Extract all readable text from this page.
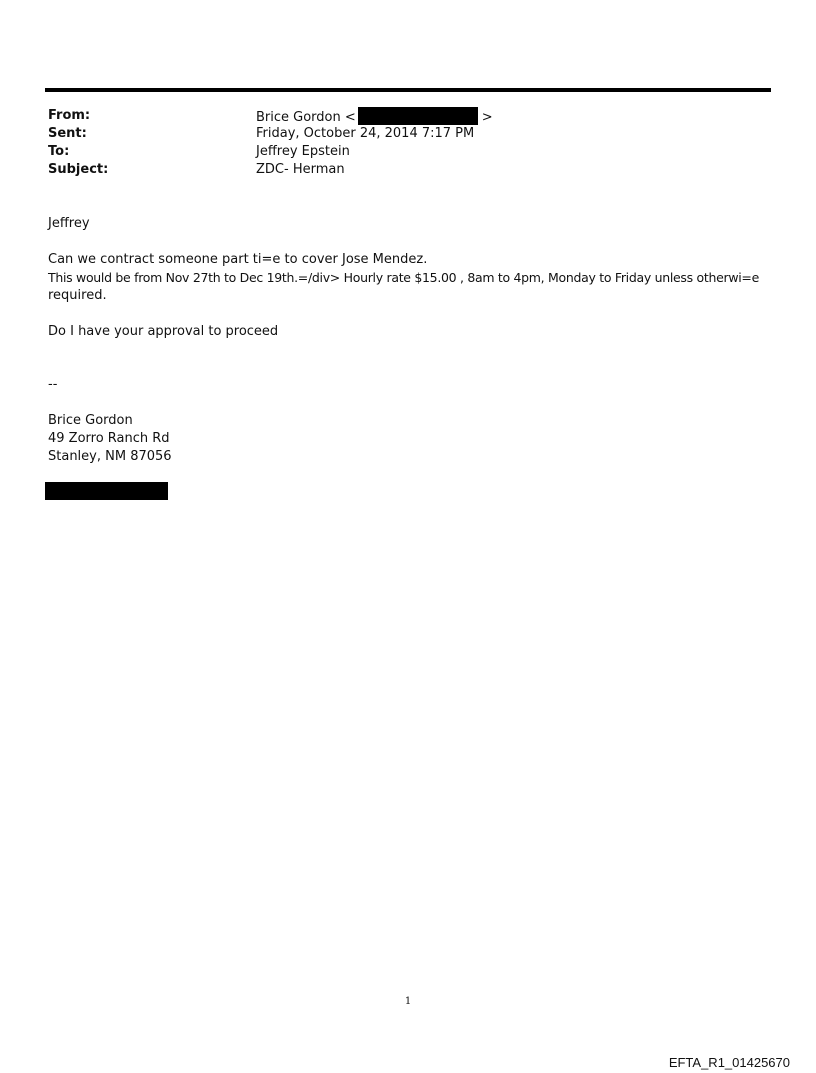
From:	Brice Gordon <	>
Sent:	Friday, October 24, 2014 7:17 PM
To:	Jeffrey Epstein
Subject:	ZDC- Herman
Jeffrey
Can we contract someone part ti=e to cover Jose Mendez.
This would be from Nov 27th to Dec 19th.=/div> Hourly rate $15.00 , 8am to 4pm, Monday to Friday unless otherwi=e
required.
Do I have your approval to proceed
--
Brice Gordon
49 Zorro Ranch Rd
Stanley, NM 87056
1
EFTA_R1_01425670
